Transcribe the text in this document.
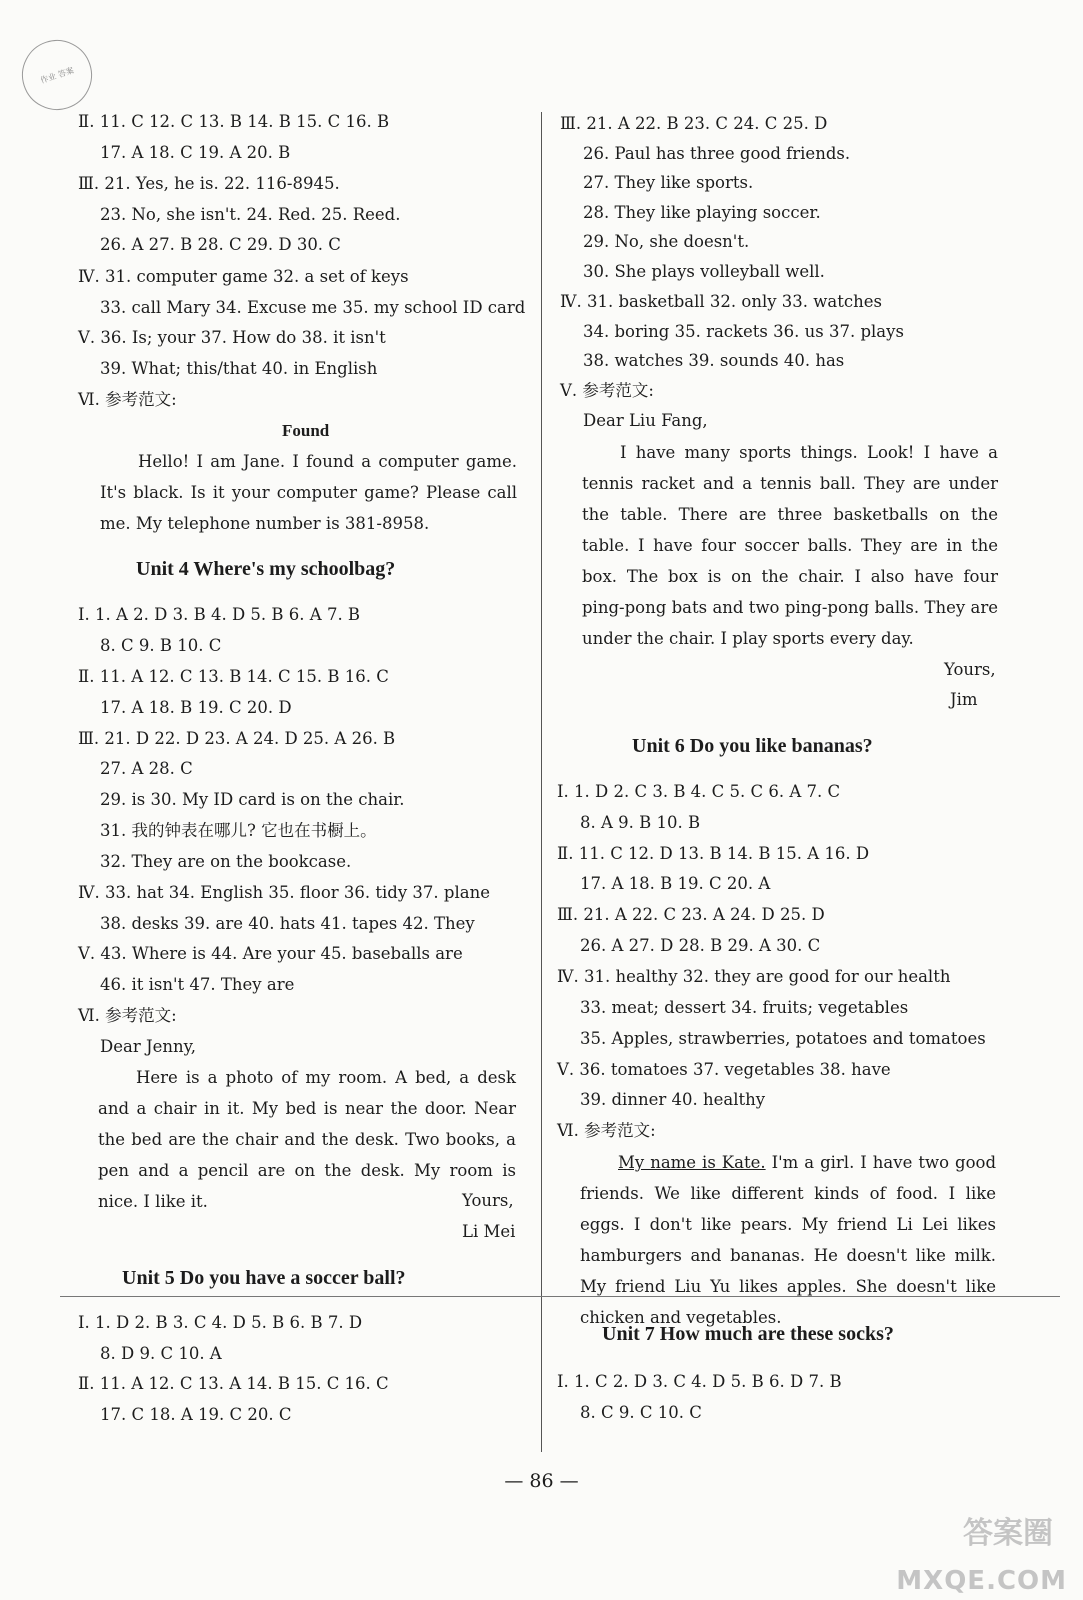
作业 答案
Ⅱ. 11. C 12. C 13. B 14. B 15. C 16. B
17. A 18. C 19. A 20. B
Ⅲ. 21. Yes, he is. 22. 116-8945.
23. No, she isn't. 24. Red. 25. Reed.
26. A 27. B 28. C 29. D 30. C
Ⅳ. 31. computer game 32. a set of keys
33. call Mary 34. Excuse me 35. my school ID card
Ⅴ. 36. Is; your 37. How do 38. it isn't
39. What; this/that 40. in English
Ⅵ. 参考范文:
Found

Hello! I am Jane. I found a computer game. It's black. Is it your computer game? Please call me. My telephone number is 381-8958.

Unit 4 Where's my schoolbag?
Ⅰ. 1. A 2. D 3. B 4. D 5. B 6. A 7. B
8. C 9. B 10. C
Ⅱ. 11. A 12. C 13. B 14. C 15. B 16. C
17. A 18. B 19. C 20. D
Ⅲ. 21. D 22. D 23. A 24. D 25. A 26. B
27. A 28. C
29. is 30. My ID card is on the chair.
31. 我的钟表在哪儿? 它也在书橱上。
32. They are on the bookcase.
Ⅳ. 33. hat 34. English 35. floor 36. tidy 37. plane
38. desks 39. are 40. hats 41. tapes 42. They
Ⅴ. 43. Where is 44. Are your 45. baseballs are
46. it isn't 47. They are
Ⅵ. 参考范文:
Dear Jenny,

Here is a photo of my room. A bed, a desk and a chair in it. My bed is near the door. Near the bed are the chair and the desk. Two books, a pen and a pencil are on the desk. My room is nice. I like it.	Yours,
Li Mei
Unit 5 Do you have a soccer ball?
Ⅰ. 1. D 2. B 3. C 4. D 5. B 6. B 7. D
8. D 9. C 10. A
Ⅱ. 11. A 12. C 13. A 14. B 15. C 16. C
17. C 18. A 19. C 20. C
Ⅲ. 21. A 22. B 23. C 24. C 25. D
26. Paul has three good friends.
27. They like sports.
28. They like playing soccer.
29. No, she doesn't.
30. She plays volleyball well.
Ⅳ. 31. basketball 32. only 33. watches
34. boring 35. rackets 36. us 37. plays
38. watches 39. sounds 40. has
Ⅴ. 参考范文:
Dear Liu Fang,

I have many sports things. Look! I have a tennis racket and a tennis ball. They are under the table. There are three basketballs on the table. I have four soccer balls. They are in the box. The box is on the chair. I also have four ping-pong bats and two ping-pong balls. They are under the chair. I play sports every day.

Yours,
Jim
Unit 6 Do you like bananas?
Ⅰ. 1. D 2. C 3. B 4. C 5. C 6. A 7. C
8. A 9. B 10. B
Ⅱ. 11. C 12. D 13. B 14. B 15. A 16. D
17. A 18. B 19. C 20. A
Ⅲ. 21. A 22. C 23. A 24. D 25. D
26. A 27. D 28. B 29. A 30. C
Ⅳ. 31. healthy 32. they are good for our health
33. meat; dessert 34. fruits; vegetables
35. Apples, strawberries, potatoes and tomatoes
Ⅴ. 36. tomatoes 37. vegetables 38. have
39. dinner 40. healthy
Ⅵ. 参考范文:

My name is Kate. I'm a girl. I have two good friends. We like different kinds of food. I like eggs. I don't like pears. My friend Li Lei likes hamburgers and bananas. He doesn't like milk. My friend Liu Yu likes apples. She doesn't like chicken and vegetables.

Unit 7 How much are these socks?
Ⅰ. 1. C 2. D 3. C 4. D 5. B 6. D 7. B
8. C 9. C 10. C
— 86 —
答案圈
MXQE.COM
